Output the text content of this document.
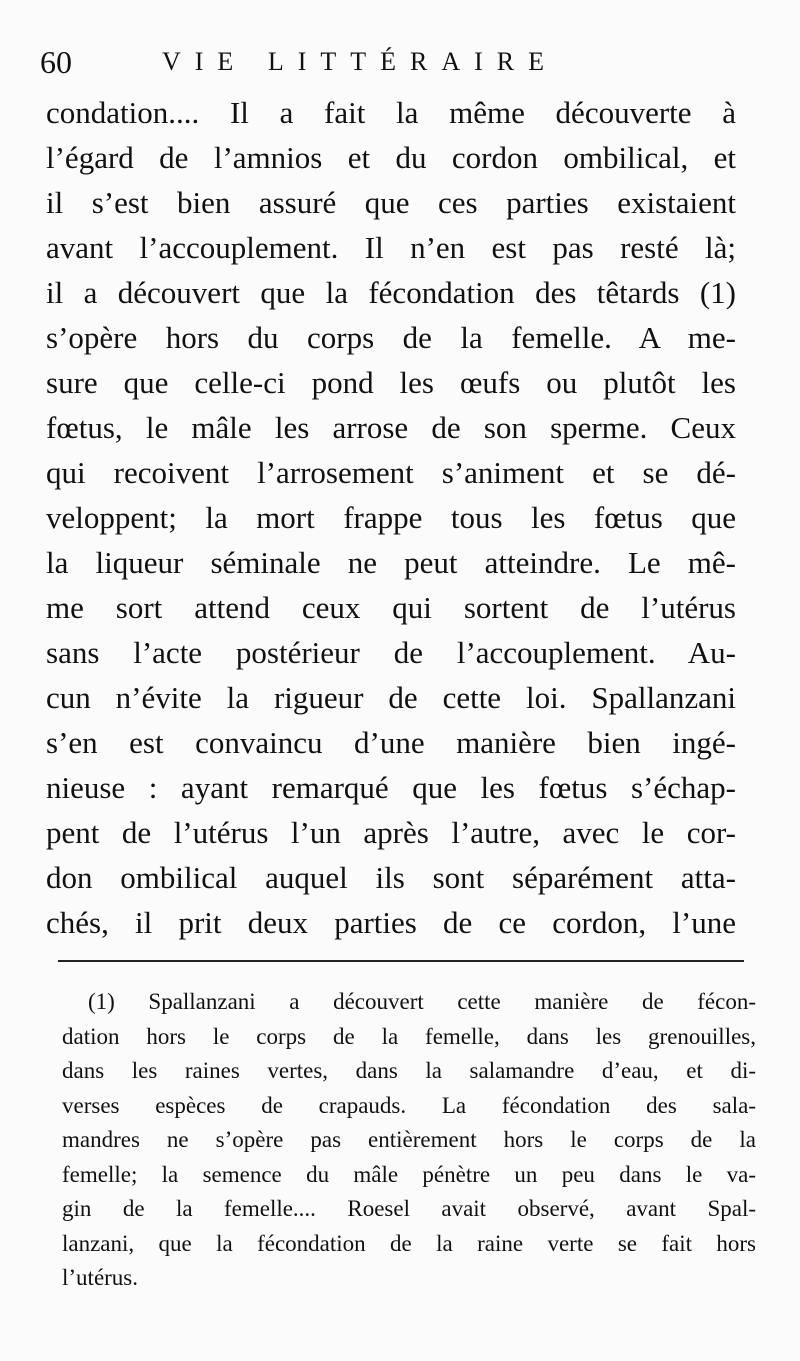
60	VIE LITTÉRAIRE
condation.... Il a fait la même découverte à
l’égard de l’amnios et du cordon ombilical, et
il s’est bien assuré que ces parties existaient
avant l’accouplement. Il n’en est pas resté là;
il a découvert que la fécondation des têtards (1)
s’opère hors du corps de la femelle. A me-
sure que celle-ci pond les œufs ou plutôt les
fœtus, le mâle les arrose de son sperme. Ceux
qui recoivent l’arrosement s’animent et se dé-
veloppent; la mort frappe tous les fœtus que
la liqueur séminale ne peut atteindre. Le mê-
me sort attend ceux qui sortent de l’utérus
sans l’acte postérieur de l’accouplement. Au-
cun n’évite la rigueur de cette loi. Spallanzani
s’en est convaincu d’une manière bien ingé-
nieuse : ayant remarqué que les fœtus s’échap-
pent de l’utérus l’un après l’autre, avec le cor-
don ombilical auquel ils sont séparément atta-
chés, il prit deux parties de ce cordon, l’une
(1) Spallanzani a découvert cette manière de fécon-
dation hors le corps de la femelle, dans les grenouilles,
dans les raines vertes, dans la salamandre d’eau, et di-
verses espèces de crapauds. La fécondation des sala-
mandres ne s’opère pas entièrement hors le corps de la
femelle; la semence du mâle pénètre un peu dans le va-
gin de la femelle.... Roesel avait observé, avant Spal-
lanzani, que la fécondation de la raine verte se fait hors
l’utérus.
